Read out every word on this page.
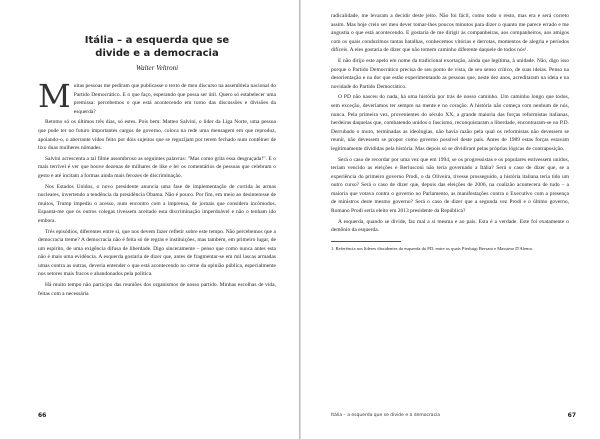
Itália – a esquerda que se
divide e a democracia

Walter Veltroni

Muitas pessoas me pediram que publicasse o texto de meu discurso na assembleia nacional do Partido Democrático. E o que faço, esperando que possa ser útil. Quero só estabelecer uma premissa: percebemos o que está acontecendo em torno das discussões e divisões da esquerda?

Retomo só os últimos três dias, só estes. Pois bem: Matteo Salvini, o líder da Liga Norte, uma pessoa que pode ter no futuro importantes cargos de governo, coloca na rede uma mensagem em que reproduz, apoiando-o, o aberrante vídeo feito por dois sujeitos que se regozijam por terem fechado num contêiner de lixo duas mulheres nômades.

Salvini acrescenta a tal filme assombroso as seguintes palavras: "Mas como grita essa desgraçada!". E o mais terrível é ver que houve dezenas de milhares de like e ler os comentários de pessoas que celebram o gesto e até incitam a formas ainda mais ferozes de discriminação.

Nos Estados Unidos, o novo presidente anuncia uma fase de implementação de corrida às armas nucleares, invertendo a tendência da presidência Obama. Não é pouco. Por fim, em meio ao desinteresse de muitos, Trump impediu o acesso, num encontro com a imprensa, de jornais que considera incômodos. Espanta-me que os outros colegas tivessem aceitado esta discriminação imperdoável e não o tenham ido embora.

Três episódios, diferentes entre si, que nos devem fazer refletir sobre este tempo. Não percebemos que a democracia treme? A democracia não é feita só de regras e instituições, mas também, em primeiro lugar, de um espírito, de uma exigência difusa de liberdade. Digo sinceramente – penso que como nunca antes esta não é mais uma evidência. A esquerda gostaria de dizer que, antes de fragmentar-se em mil lascas armadas umas contra as outras, deveria entender o que está acontecendo no cerne da opinião pública, especialmente nos setores mais fracos e abandonados pela política.

Há muito tempo não participo das reuniões dos organismos de nosso partido. Minhas escolhas de vida, feitas com a necessária

66

radicalidade, me levaram a decidir deste jeito. Não foi fácil, como todo o resto, mas era e será correto assim. Mas hoje creio ser meu dever tomar-lhes poucos minutos para dizer o quanto me parece errado e me angustia o que está acontecendo. E gostaria de me dirigir às companheiras, aos companheiros, aos amigos com os quais conduzimos tantas batalhas, conhecemos vitórias e derrotas, momentos de alegria e períodos difíceis. A eles gostaria de dizer que não tomem caminho diferente daquele de todos nós¹.

E não dirijo este apelo em nome da tradicional exortação, ainda que legítima, à unidade. Não, digo isso porque o Partido Democrático precisa de seu ponto de vista, de seu senso crítico, de suas ideias. Penso na desorientação e na dor que estão experimentando as pessoas que, neste dez anos, acreditaram na ideia e na novidade do Partido Democrático.

O PD não nasceu do nada, há uma história por trás de nosso caminho. Um caminho longo que todos, sem exceção, deveríamos ter sempre na mente e no coração. A história não começa com nenhum de nós, nunca. Pela primeira vez, provenientes do século XX, a grande maioria das forças reformistas italianas, herdeiras daquelas que, combatendo unidos o fascismo, reconquistaram a liberdade, encontraram-se no P.D. Derrubado o muro, terminadas as ideologias, não havia razão pela qual os reformistas não devessem se reunir, não devessem se propor como governo possível deste país. Antes de 1989 estas forças estavam legitimamente divididas pela história. Mas depois só se dividiram pelas próprias lógicas de contraposição.

Será o caso de recordar por uma vez que em 1994, se os progressistas e os populares estivessem unidos, teriam vencido as eleições e Berlusconi não teria governado a Itália? Será o caso de dizer que, se a experiência do primeiro governo Prodi, o da Oliveira, tivesse prosseguido, a história italiana teria tido um outro curso? Será o caso de dizer que, depois das eleições de 2006, na coalizão acontecera de tudo – a maioria que votava contra o governo no Parlamento, as manifestações contra o Executivo com a presença de ministros deste mesmo governo? Será o caso de dizer que a segunda vez Prodi e o último governo, Romano Prodi seria eleito em 2013 presidente da República?

A esquerda, quando se divide, faz mal a si mesma e ao país. Esta é a verdade. Este foi exatamente o demônio da esquerda.

1. Referência aos líderes dissidentes da esquerda do PD, entre os quais Pierluigi Bersani e Massimo D'Alema.

Itália – a esquerda que se divide e a democracia	67
